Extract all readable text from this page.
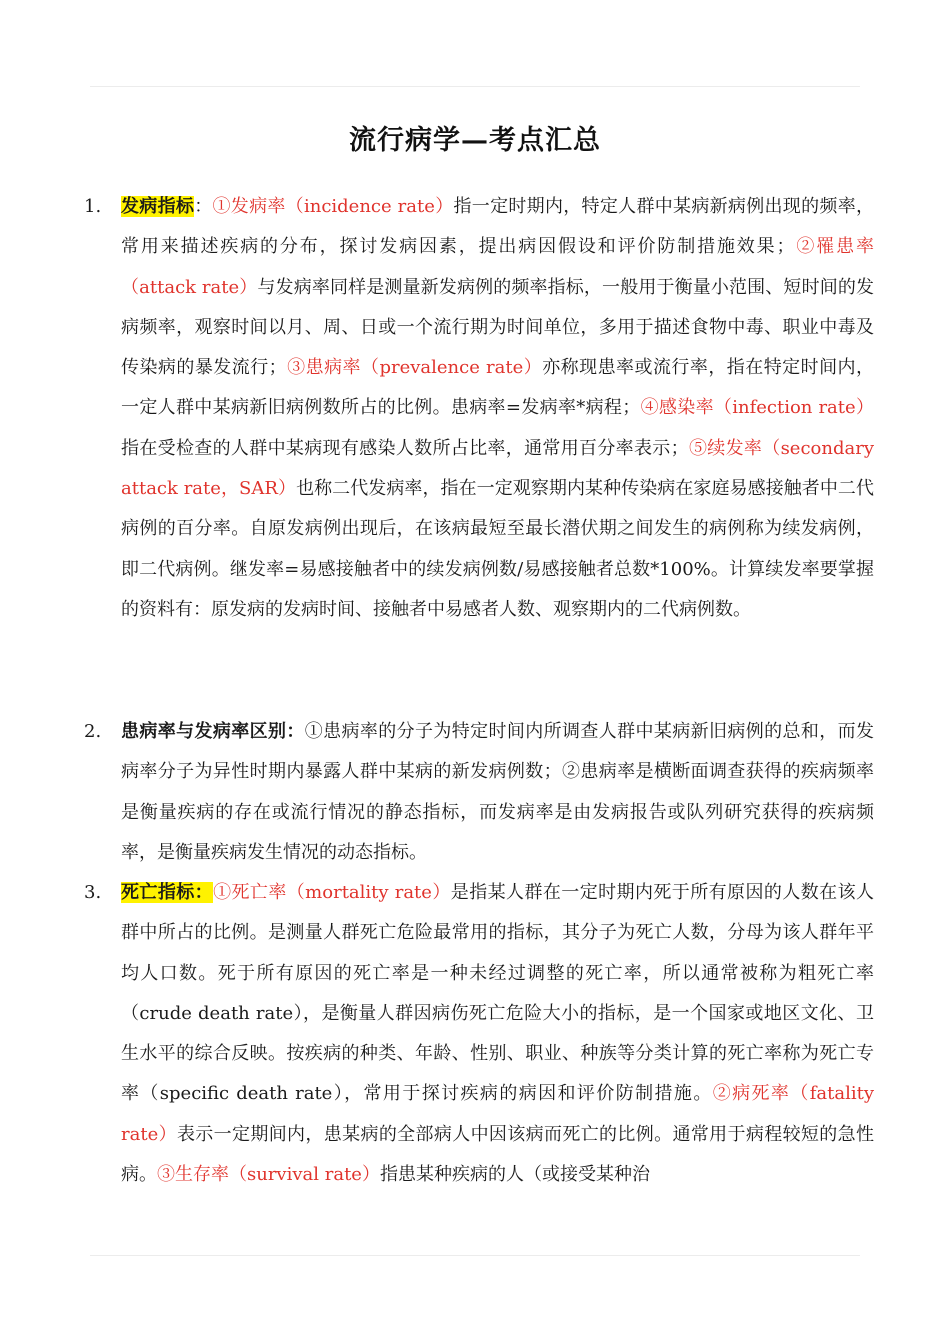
流行病学—考点汇总
1. 发病指标：①发病率（incidence rate）指一定时期内，特定人群中某病新病例出现的频率，常用来描述疾病的分布，探讨发病因素，提出病因假设和评价防制措施效果；②罹患率（attack rate）与发病率同样是测量新发病例的频率指标，一般用于衡量小范围、短时间的发病频率，观察时间以月、周、日或一个流行期为时间单位，多用于描述食物中毒、职业中毒及传染病的暴发流行；③患病率（prevalence rate）亦称现患率或流行率，指在特定时间内，一定人群中某病新旧病例数所占的比例。患病率=发病率*病程；④感染率（infection rate）指在受检查的人群中某病现有感染人数所占比率，通常用百分率表示；⑤续发率（secondary attack rate，SAR）也称二代发病率，指在一定观察期内某种传染病在家庭易感接触者中二代病例的百分率。自原发病例出现后，在该病最短至最长潜伏期之间发生的病例称为续发病例，即二代病例。继发率=易感接触者中的续发病例数/易感接触者总数*100%。计算续发率要掌握的资料有：原发病的发病时间、接触者中易感者人数、观察期内的二代病例数。
2. 患病率与发病率区别：①患病率的分子为特定时间内所调查人群中某病新旧病例的总和，而发病率分子为异性时期内暴露人群中某病的新发病例数；②患病率是横断面调查获得的疾病频率是衡量疾病的存在或流行情况的静态指标，而发病率是由发病报告或队列研究获得的疾病频率，是衡量疾病发生情况的动态指标。
3. 死亡指标：①死亡率（mortality rate）是指某人群在一定时期内死于所有原因的人数在该人群中所占的比例。是测量人群死亡危险最常用的指标，其分子为死亡人数，分母为该人群年平均人口数。死于所有原因的死亡率是一种未经过调整的死亡率，所以通常被称为粗死亡率（crude death rate），是衡量人群因病伤死亡危险大小的指标，是一个国家或地区文化、卫生水平的综合反映。按疾病的种类、年龄、性别、职业、种族等分类计算的死亡率称为死亡专率（specific death rate），常用于探讨疾病的病因和评价防制措施。②病死率（fatality rate）表示一定期间内，患某病的全部病人中因该病而死亡的比例。通常用于病程较短的急性病。③生存率（survival rate）指患某种疾病的人（或接受某种治
